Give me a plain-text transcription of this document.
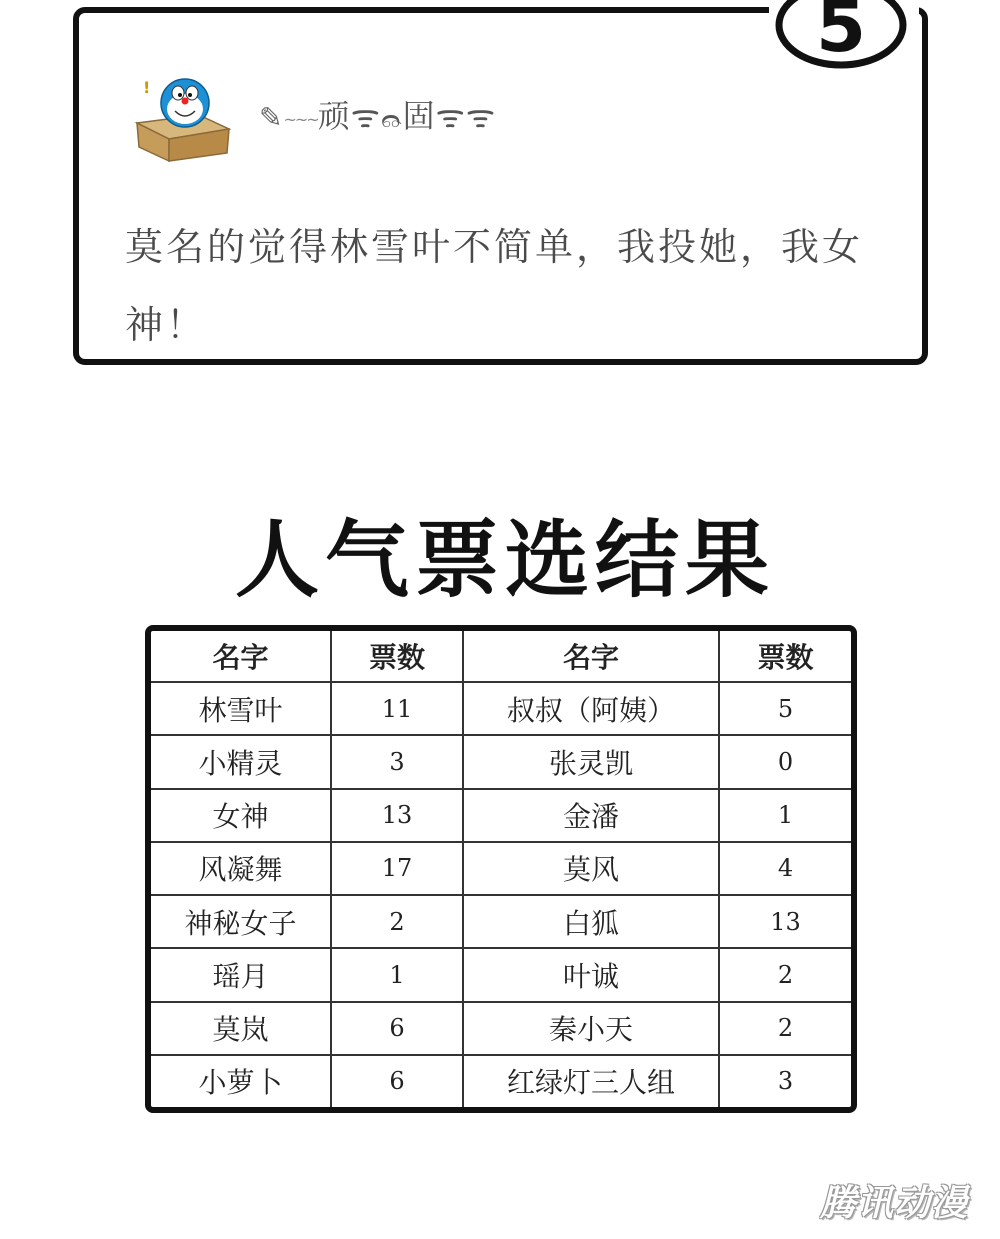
5
!
✎~~~顽ᯤ෬固ᯤᯤ
莫名的觉得林雪叶不简单，我投她，我女神！
人气票选结果
名字	票数	名字	票数
林雪叶	11	叔叔（阿姨）	5
小精灵	3	张灵凯	0
女神	13	金潘	1
风凝舞	17	莫风	4
神秘女子	2	白狐	13
瑶月	1	叶诚	2
莫岚	6	秦小天	2
小萝卜	6	红绿灯三人组	3
腾讯动漫
